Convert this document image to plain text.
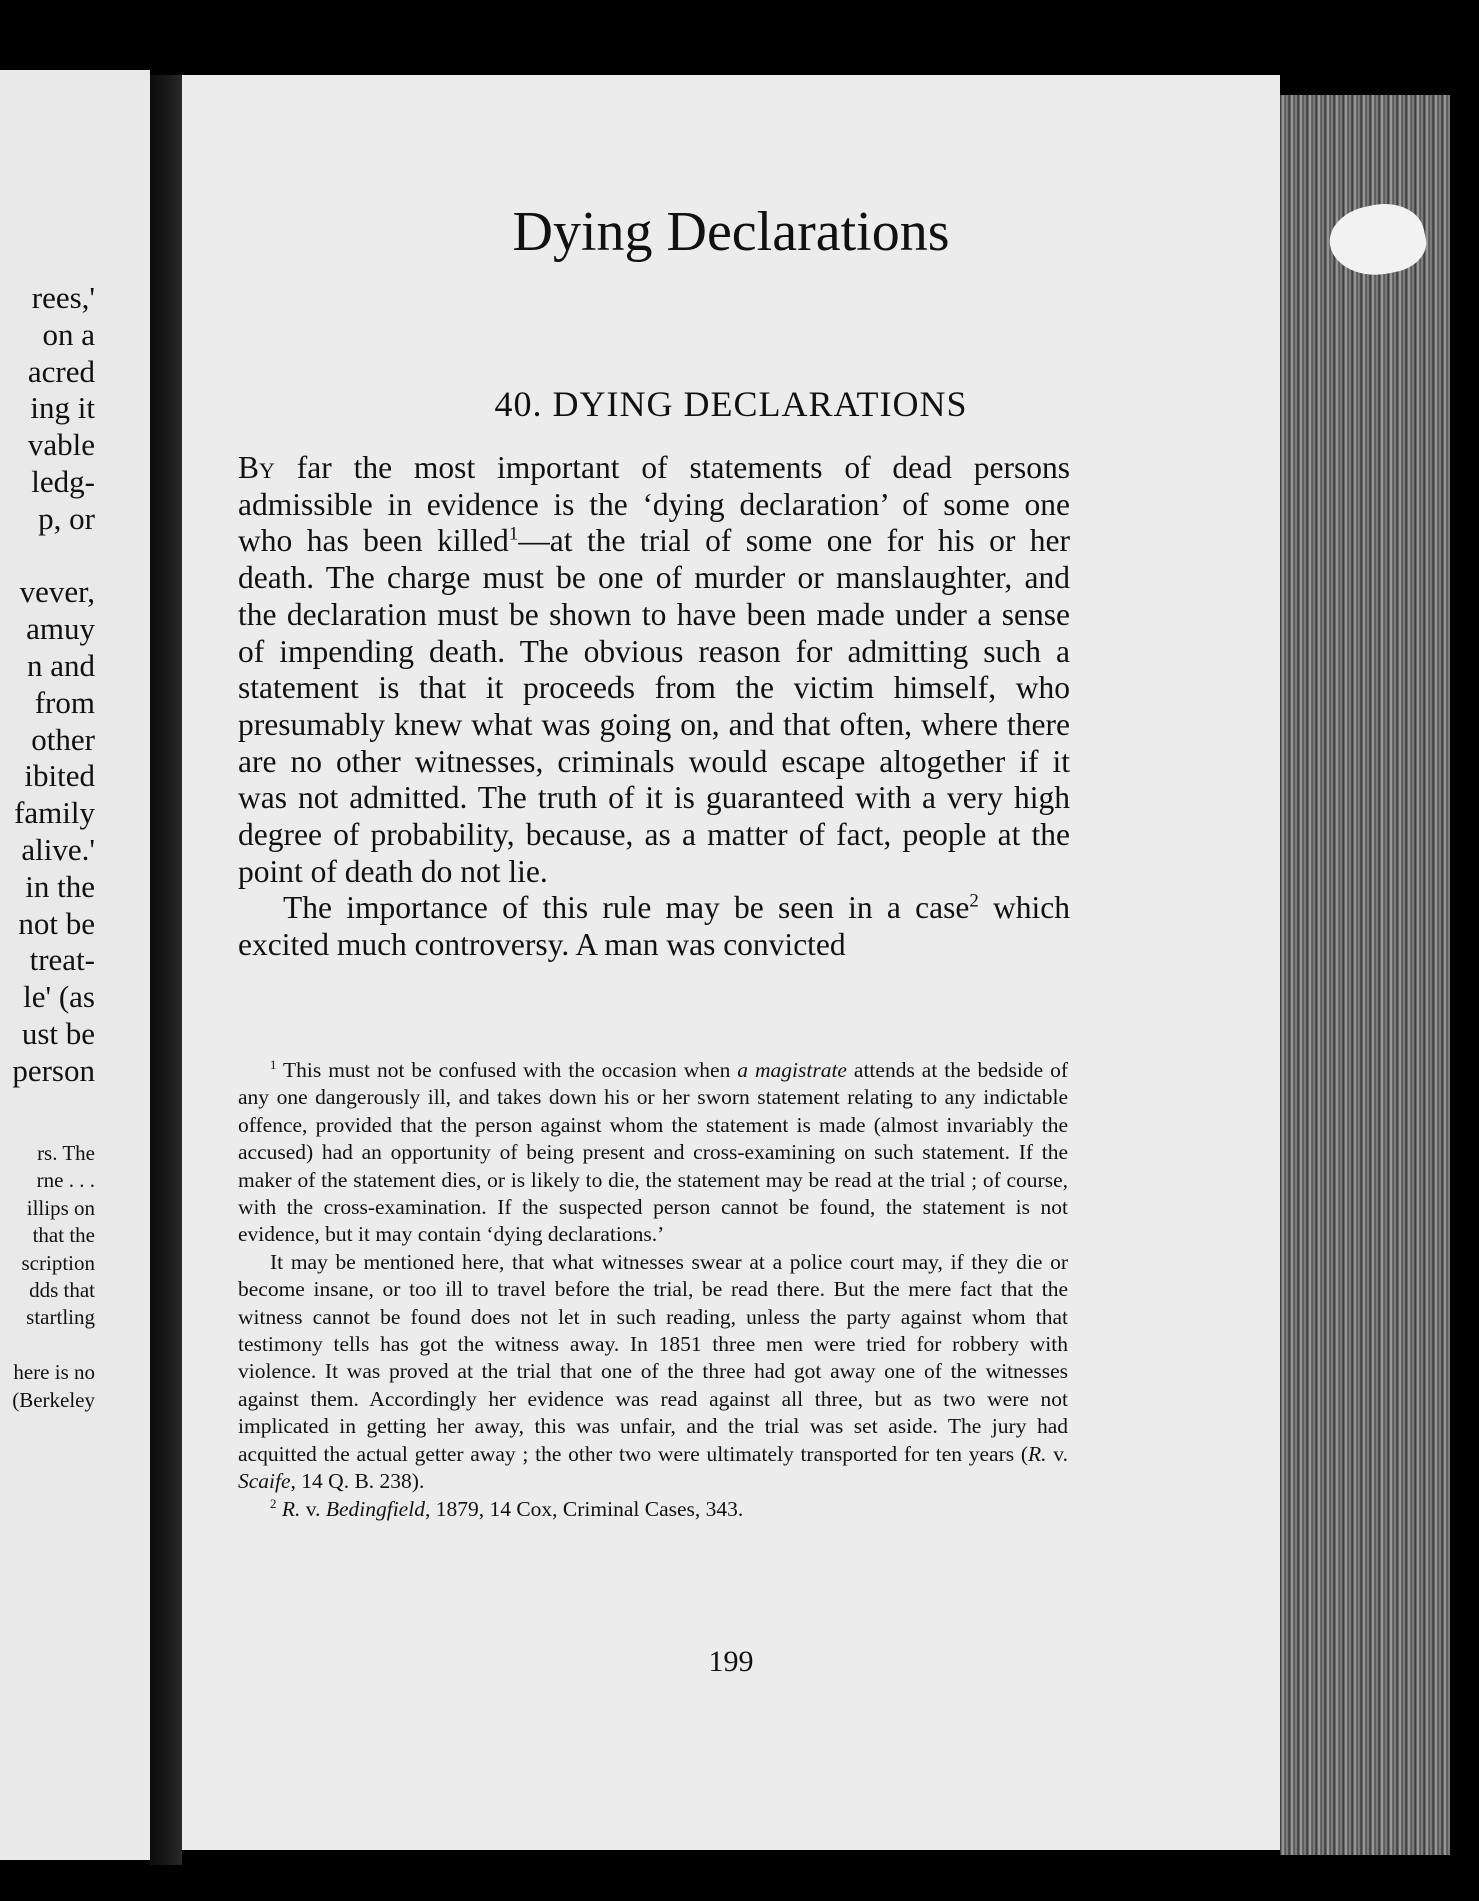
rees,'
on a
acred
ing it
vable
ledg-
p, or
vever,
amuy
n and
from
other
ibited
family
alive.'
in the
not be
treat-
le' (as
ust be
person
rs. The
rne . . .
illips on
that the
scription
dds that
startling
here is no
(Berkeley
Dying Declarations
40. DYING DECLARATIONS

By far the most important of statements of dead persons admissible in evidence is the ‘dying declaration’ of some one who has been killed$^1$—at the trial of some one for his or her death. The charge must be one of murder or manslaughter, and the declaration must be shown to have been made under a sense of impending death. The obvious reason for admitting such a statement is that it proceeds from the victim himself, who presumably knew what was going on, and that often, where there are no other witnesses, criminals would escape altogether if it was not admitted. The truth of it is guaranteed with a very high degree of probability, because, as a matter of fact, people at the point of death do not lie.

The importance of this rule may be seen in a case$^2$ which excited much controversy. A man was convicted

$^1$ This must not be confused with the occasion when a magistrate attends at the bedside of any one dangerously ill, and takes down his or her sworn statement relating to any indictable offence, provided that the person against whom the statement is made (almost invariably the accused) had an opportunity of being present and cross-examining on such statement. If the maker of the statement dies, or is likely to die, the statement may be read at the trial ; of course, with the cross-examination. If the suspected person cannot be found, the statement is not evidence, but it may contain ‘dying declarations.’

It may be mentioned here, that what witnesses swear at a police court may, if they die or become insane, or too ill to travel before the trial, be read there. But the mere fact that the witness cannot be found does not let in such reading, unless the party against whom that testimony tells has got the witness away. In 1851 three men were tried for robbery with violence. It was proved at the trial that one of the three had got away one of the witnesses against them. Accordingly her evidence was read against all three, but as two were not implicated in getting her away, this was unfair, and the trial was set aside. The jury had acquitted the actual getter away ; the other two were ultimately transported for ten years (R. v. Scaife, 14 Q. B. 238).

$^2$ R. v. Bedingfield, 1879, 14 Cox, Criminal Cases, 343.

199
